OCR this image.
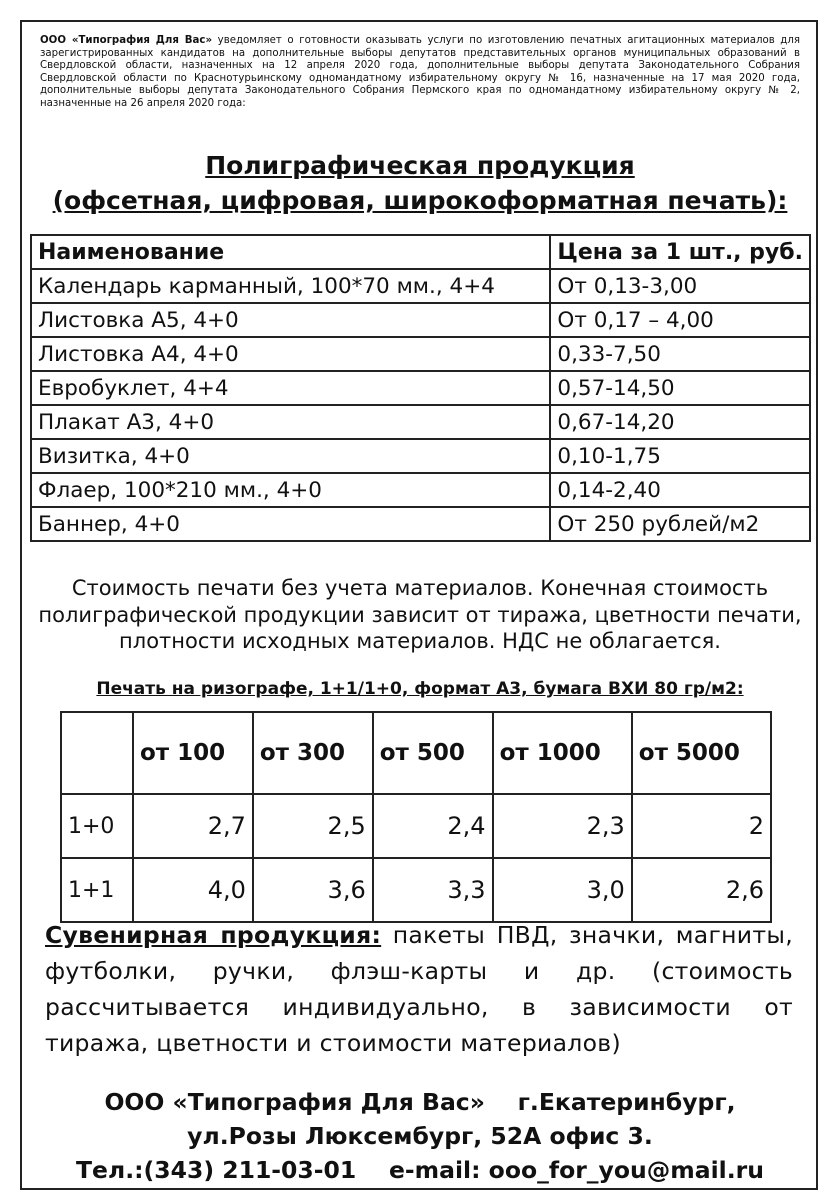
ООО «Типография Для Вас» уведомляет о готовности оказывать услуги по изготовлению печатных агитационных материалов для зарегистрированных кандидатов на дополнительные выборы депутатов представительных органов муниципальных образований в Свердловской области, назначенных на 12 апреля 2020 года, дополнительные выборы депутата Законодательного Собрания Свердловской области по Краснотурьинскому одномандатному избирательному округу № 16, назначенные на 17 мая 2020 года, дополнительные выборы депутата Законодательного Собрания Пермского края по одномандатному избирательному округу № 2, назначенные на 26 апреля 2020 года:
Полиграфическая продукция
(офсетная, цифровая, широкоформатная печать):
Наименование	Цена за 1 шт., руб.
Календарь карманный, 100*70 мм., 4+4	От 0,13-3,00
Листовка А5, 4+0	От 0,17 – 4,00
Листовка А4, 4+0	0,33-7,50
Евробуклет, 4+4	0,57-14,50
Плакат А3, 4+0	0,67-14,20
Визитка, 4+0	0,10-1,75
Флаер, 100*210 мм., 4+0	0,14-2,40
Баннер, 4+0	От 250 рублей/м2
Стоимость печати без учета материалов. Конечная стоимость полиграфической продукции зависит от тиража, цветности печати, плотности исходных материалов. НДС не облагается.
Печать на ризографе, 1+1/1+0, формат А3, бумага ВХИ 80 гр/м2:
	от 100	от 300	от 500	от 1000	от 5000
1+0	2,7	2,5	2,4	2,3	2
1+1	4,0	3,6	3,3	3,0	2,6
Сувенирная продукция: пакеты ПВД, значки, магниты, футболки, ручки, флэш-карты и др. (стоимость рассчитывается индивидуально, в зависимости от тиража, цветности и стоимости материалов)
ООО «Типография Для Вас»    г.Екатеринбург,
ул.Розы Люксембург, 52А офис 3.
Тел.:(343) 211-03-01    e-mail: ooo_for_you@mail.ru
